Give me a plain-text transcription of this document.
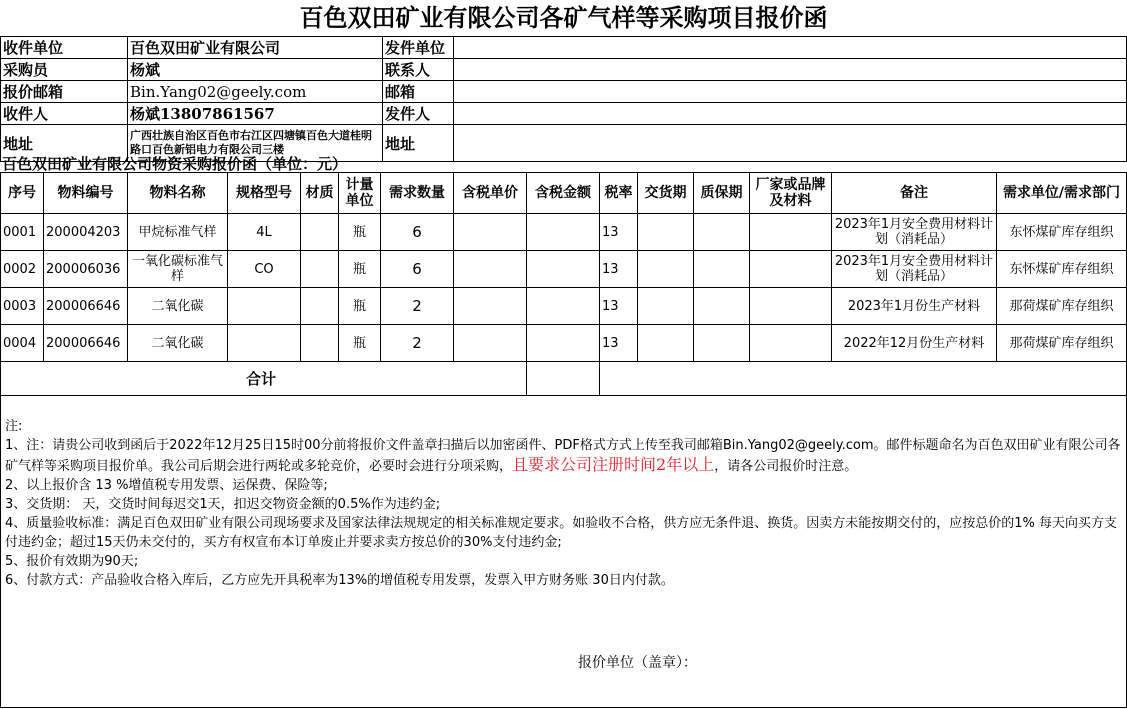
百色双田矿业有限公司各矿气样等采购项目报价函
收件单位	百色双田矿业有限公司	发件单位	
采购员	杨斌	联系人	
报价邮箱	Bin.Yang02@geely.com	邮箱	
收件人	杨斌13807861567	发件人	
地址	广西壮族自治区百色市右江区四塘镇百色大道桂明路口百色新铝电力有限公司三楼	地址	
百色双田矿业有限公司物资采购报价函（单位：元）
序号	物料编号	物料名称	规格型号	材质	计量单位	需求数量	含税单价	含税金额	税率	交货期	质保期	厂家或品牌及材料	备注	需求单位/需求部门
0001	200004203	甲烷标准气样	4L		瓶	6			13				2023年1月安全费用材料计划（消耗品）	东怀煤矿库存组织
0002	200006036	一氧化碳标准气样	CO		瓶	6			13				2023年1月安全费用材料计划（消耗品）	东怀煤矿库存组织
0003	200006646	二氧化碳			瓶	2			13				2023年1月份生产材料	那荷煤矿库存组织
0004	200006646	二氧化碳			瓶	2			13				2022年12月份生产材料	那荷煤矿库存组织
合计														

注:

1、注：请贵公司收到函后于2022年12月25日15时00分前将报价文件盖章扫描后以加密函件、PDF格式方式上传至我司邮箱Bin.Yang02@geely.com。邮件标题命名为百色双田矿业有限公司各矿气样等采购项目报价单。我公司后期会进行两轮或多轮竞价，必要时会进行分项采购，且要求公司注册时间2年以上，请各公司报价时注意。

2、以上报价含 13 %增值税专用发票、运保费、保险等;

3、交货期： 天，交货时间每迟交1天，扣迟交物资金额的0.5%作为违约金;

4、质量验收标准：满足百色双田矿业有限公司现场要求及国家法律法规规定的相关标准规定要求。如验收不合格，供方应无条件退、换货。因卖方未能按期交付的，应按总价的1% 每天向买方支付违约金；超过15天仍未交付的，买方有权宣布本订单废止并要求卖方按总价的30%支付违约金;

5、报价有效期为90天;

6、付款方式：产品验收合格入库后，乙方应先开具税率为13%的增值税专用发票，发票入甲方财务账 30日内付款。

报价单位（盖章）：
